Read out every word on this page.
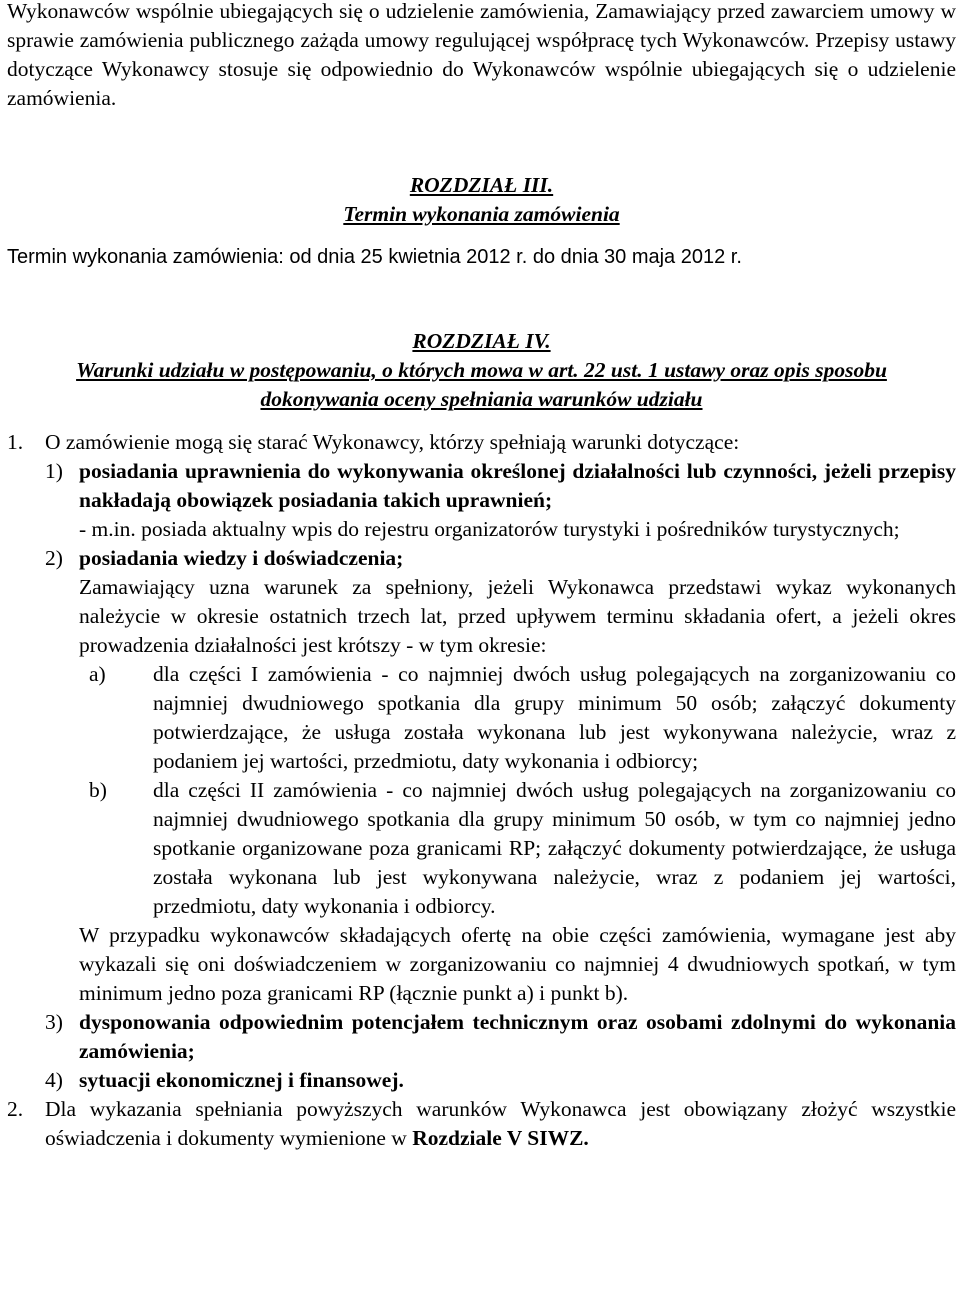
Wykonawców wspólnie ubiegających się o udzielenie zamówienia, Zamawiający przed zawarciem umowy w sprawie zamówienia publicznego zażąda umowy regulującej współpracę tych Wykonawców. Przepisy ustawy dotyczące Wykonawcy stosuje się odpowiednio do Wykonawców wspólnie ubiegających się o udzielenie zamówienia.

ROZDZIAŁ III.

Termin wykonania zamówienia

Termin wykonania zamówienia: od dnia 25 kwietnia 2012 r. do dnia 30 maja 2012 r.

ROZDZIAŁ IV.

Warunki udziału w postępowaniu, o których mowa w art. 22 ust. 1 ustawy oraz opis sposobu

dokonywania oceny spełniania warunków udziału

1.	O zamówienie mogą się starać Wykonawcy, którzy spełniają warunki dotyczące:
1) posiadania uprawnienia do wykonywania określonej działalności lub czynności, jeżeli przepisy nakładają obowiązek posiadania takich uprawnień;

- m.in. posiada aktualny wpis do rejestru organizatorów turystyki i pośredników turystycznych;

2) posiadania wiedzy i doświadczenia;

Zamawiający uzna warunek za spełniony, jeżeli Wykonawca przedstawi wykaz wykonanych należycie w okresie ostatnich trzech lat, przed upływem terminu składania ofert, a jeżeli okres prowadzenia działalności jest krótszy - w tym okresie:

a) dla części I zamówienia - co najmniej dwóch usług polegających na zorganizowaniu co najmniej dwudniowego spotkania dla grupy minimum 50 osób; załączyć dokumenty potwierdzające, że usługa została wykonana lub jest wykonywana należycie, wraz z podaniem jej wartości, przedmiotu, daty wykonania i odbiorcy;

b) dla części II zamówienia - co najmniej dwóch usług polegających na zorganizowaniu co najmniej dwudniowego spotkania dla grupy minimum 50 osób, w tym co najmniej jedno spotkanie organizowane poza granicami RP; załączyć dokumenty potwierdzające, że usługa została wykonana lub jest wykonywana należycie, wraz z podaniem jej wartości, przedmiotu, daty wykonania i odbiorcy.

W przypadku wykonawców składających ofertę na obie części zamówienia, wymagane jest aby wykazali się oni doświadczeniem w zorganizowaniu co najmniej 4 dwudniowych spotkań, w tym minimum jedno poza granicami RP (łącznie punkt a) i punkt b).

3) dysponowania odpowiednim potencjałem technicznym oraz osobami zdolnymi do wykonania zamówienia;

4) sytuacji ekonomicznej i finansowej.

2.	Dla wykazania spełniania powyższych warunków Wykonawca jest obowiązany złożyć wszystkie oświadczenia i dokumenty wymienione w Rozdziale V SIWZ.
